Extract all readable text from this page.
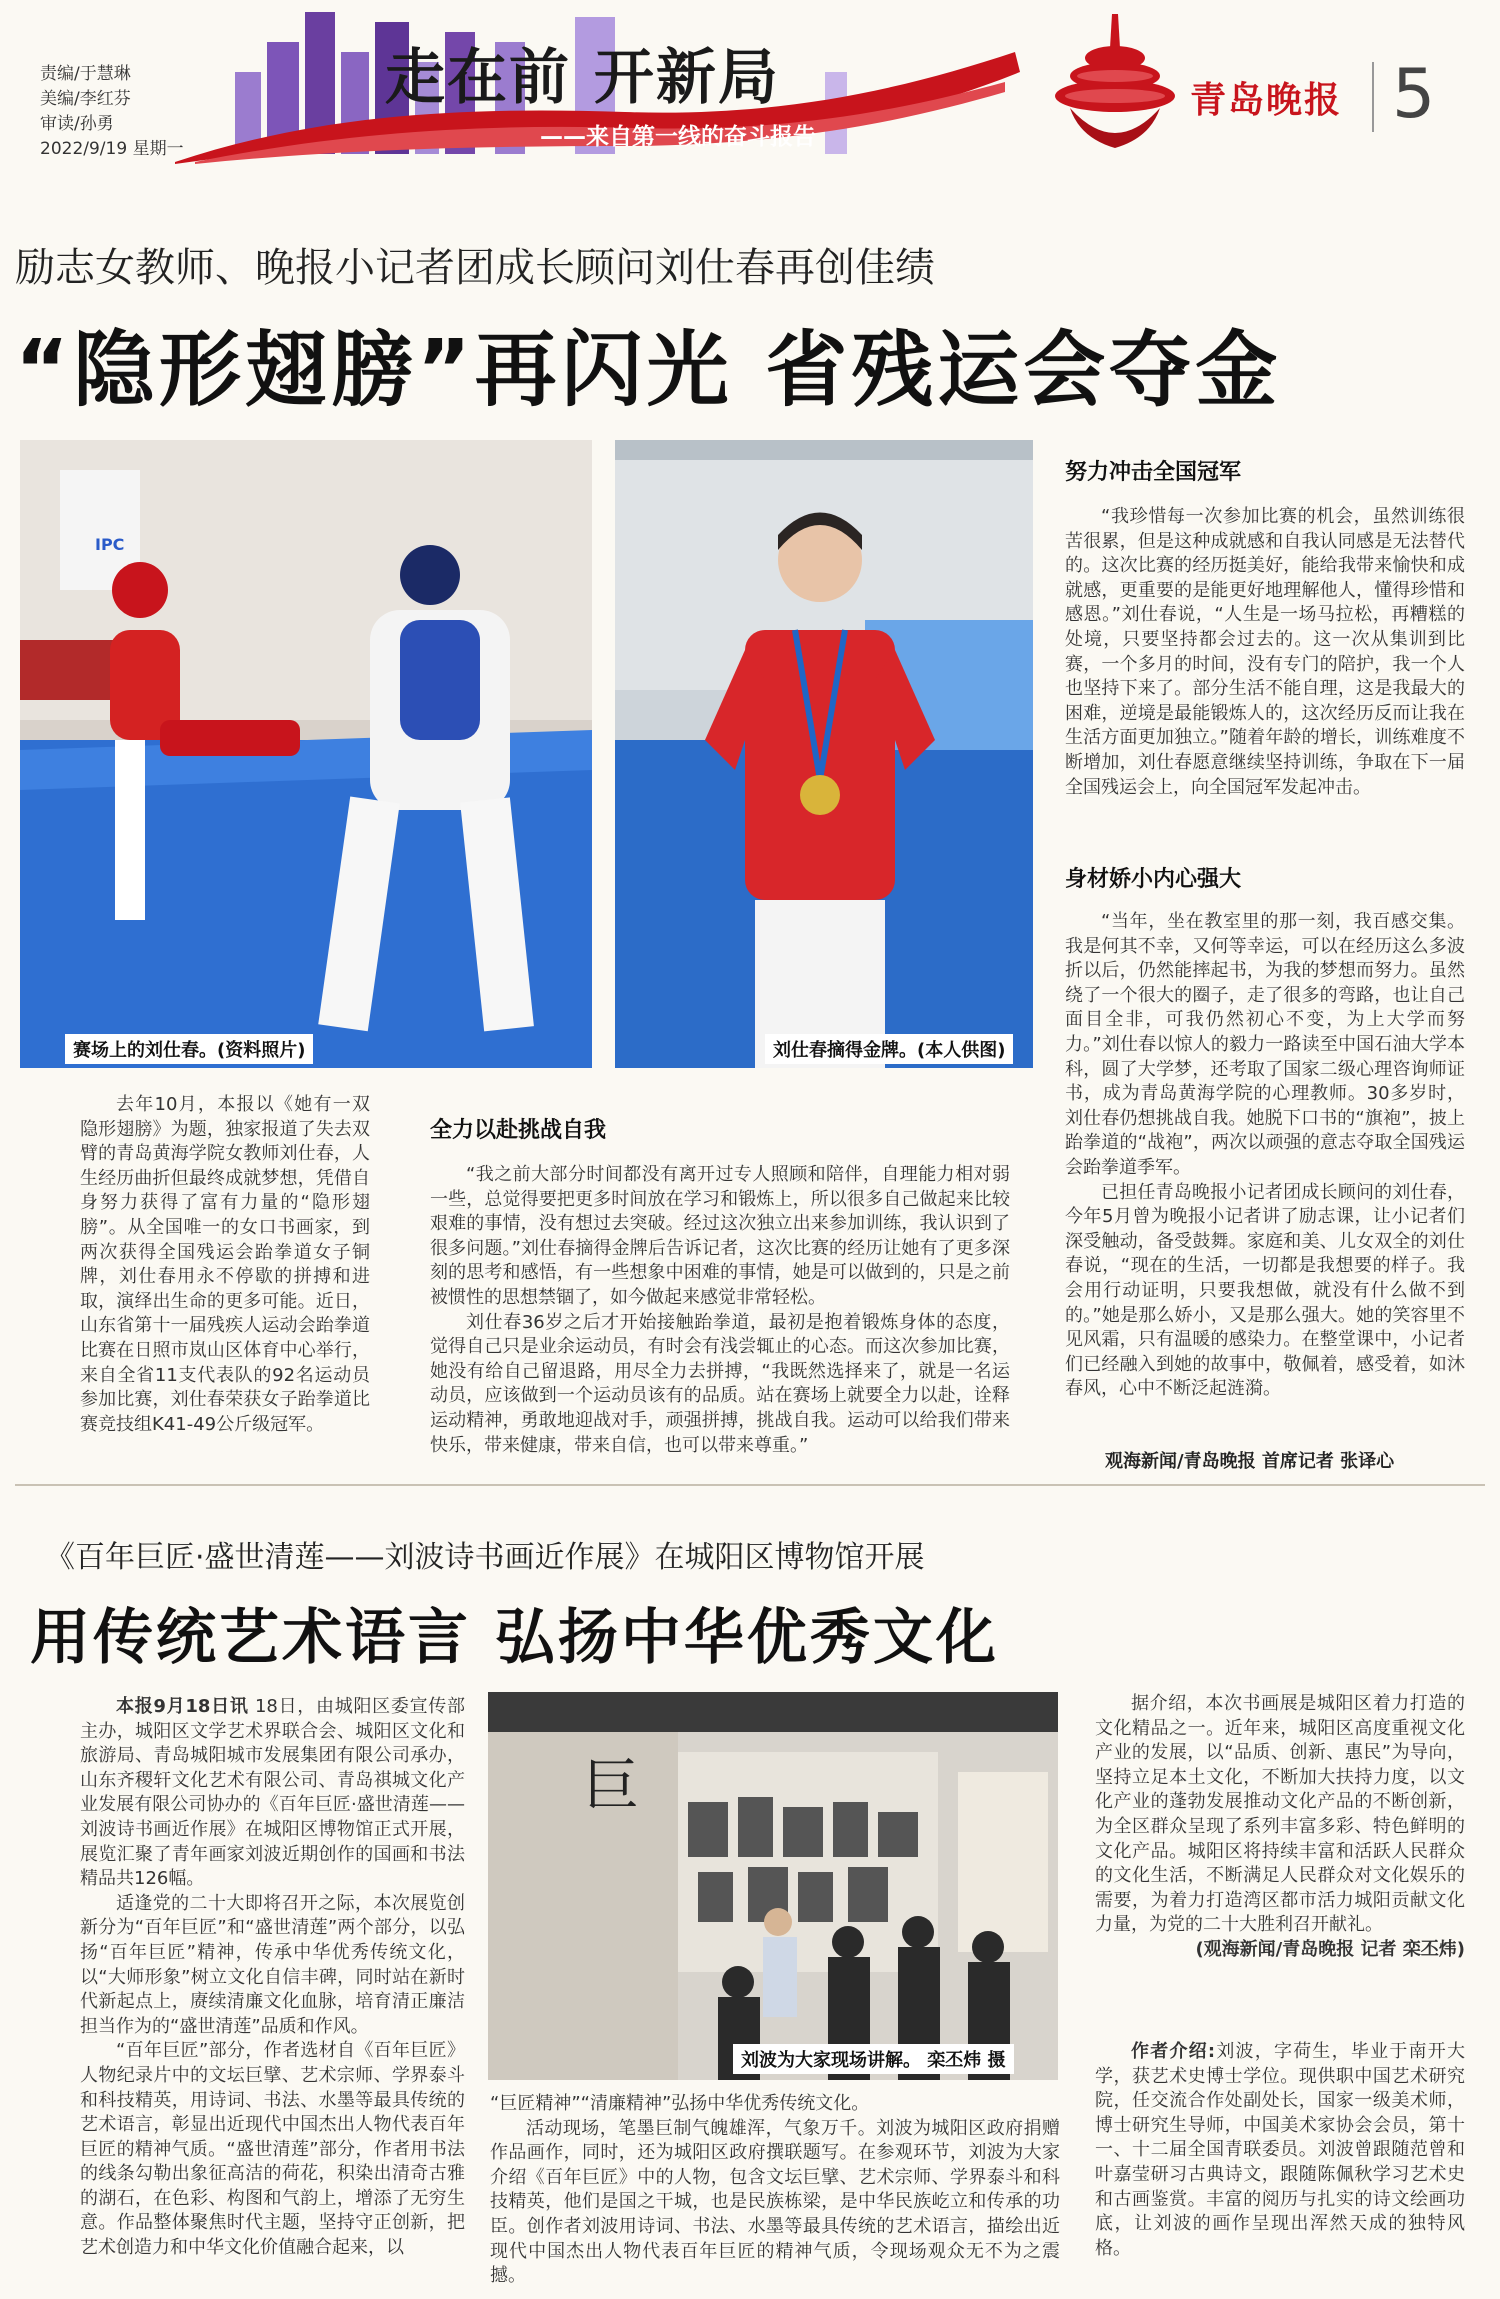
责编/于慧琳
美编/李红芬
审读/孙勇
2022/9/19 星期一
走在前 开新局
——来自第一线的奋斗报告
青岛晚报 5
励志女教师、晚报小记者团成长顾问刘仕春再创佳绩
“隐形翅膀”再闪光 省残运会夺金
IPC
赛场上的刘仕春。(资料照片)	刘仕春摘得金牌。(本人供图)

去年10月，本报以《她有一双隐形翅膀》为题，独家报道了失去双臂的青岛黄海学院女教师刘仕春，人生经历曲折但最终成就梦想，凭借自身努力获得了富有力量的“隐形翅膀”。从全国唯一的女口书画家，到两次获得全国残运会跆拳道女子铜牌，刘仕春用永不停歇的拼搏和进取，演绎出生命的更多可能。近日，山东省第十一届残疾人运动会跆拳道比赛在日照市岚山区体育中心举行，来自全省11支代表队的92名运动员参加比赛，刘仕春荣获女子跆拳道比赛竞技组K41-49公斤级冠军。

全力以赴挑战自我

“我之前大部分时间都没有离开过专人照顾和陪伴，自理能力相对弱一些，总觉得要把更多时间放在学习和锻炼上，所以很多自己做起来比较艰难的事情，没有想过去突破。经过这次独立出来参加训练，我认识到了很多问题。”刘仕春摘得金牌后告诉记者，这次比赛的经历让她有了更多深刻的思考和感悟，有一些想象中困难的事情，她是可以做到的，只是之前被惯性的思想禁锢了，如今做起来感觉非常轻松。

刘仕春36岁之后才开始接触跆拳道，最初是抱着锻炼身体的态度，觉得自己只是业余运动员，有时会有浅尝辄止的心态。而这次参加比赛，她没有给自己留退路，用尽全力去拼搏，“我既然选择来了，就是一名运动员，应该做到一个运动员该有的品质。站在赛场上就要全力以赴，诠释运动精神，勇敢地迎战对手，顽强拼搏，挑战自我。运动可以给我们带来快乐，带来健康，带来自信，也可以带来尊重。”

努力冲击全国冠军

“我珍惜每一次参加比赛的机会，虽然训练很苦很累，但是这种成就感和自我认同感是无法替代的。这次比赛的经历挺美好，能给我带来愉快和成就感，更重要的是能更好地理解他人，懂得珍惜和感恩。”刘仕春说，“人生是一场马拉松，再糟糕的处境，只要坚持都会过去的。这一次从集训到比赛，一个多月的时间，没有专门的陪护，我一个人也坚持下来了。部分生活不能自理，这是我最大的困难，逆境是最能锻炼人的，这次经历反而让我在生活方面更加独立。”随着年龄的增长，训练难度不断增加，刘仕春愿意继续坚持训练，争取在下一届全国残运会上，向全国冠军发起冲击。

身材娇小内心强大

“当年，坐在教室里的那一刻，我百感交集。我是何其不幸，又何等幸运，可以在经历这么多波折以后，仍然能摔起书，为我的梦想而努力。虽然绕了一个很大的圈子，走了很多的弯路，也让自己面目全非，可我仍然初心不变，为上大学而努力。”刘仕春以惊人的毅力一路读至中国石油大学本科，圆了大学梦，还考取了国家二级心理咨询师证书，成为青岛黄海学院的心理教师。30多岁时，刘仕春仍想挑战自我。她脱下口书的“旗袍”，披上跆拳道的“战袍”，两次以顽强的意志夺取全国残运会跆拳道季军。

已担任青岛晚报小记者团成长顾问的刘仕春，今年5月曾为晚报小记者讲了励志课，让小记者们深受触动，备受鼓舞。家庭和美、儿女双全的刘仕春说，“现在的生活，一切都是我想要的样子。我会用行动证明，只要我想做，就没有什么做不到的。”她是那么娇小，又是那么强大。她的笑容里不见风霜，只有温暖的感染力。在整堂课中，小记者们已经融入到她的故事中，敬佩着，感受着，如沐春风，心中不断泛起涟漪。

观海新闻/青岛晚报 首席记者 张译心
《百年巨匠·盛世清莲——刘波诗书画近作展》在城阳区博物馆开展
用传统艺术语言 弘扬中华优秀文化

本报9月18日讯 18日，由城阳区委宣传部主办，城阳区文学艺术界联合会、城阳区文化和旅游局、青岛城阳城市发展集团有限公司承办，山东齐稷轩文化艺术有限公司、青岛祺城文化产业发展有限公司协办的《百年巨匠·盛世清莲——刘波诗书画近作展》在城阳区博物馆正式开展，展览汇聚了青年画家刘波近期创作的国画和书法精品共126幅。

适逢党的二十大即将召开之际，本次展览创新分为“百年巨匠”和“盛世清莲”两个部分，以弘扬“百年巨匠”精神，传承中华优秀传统文化，以“大师形象”树立文化自信丰碑，同时站在新时代新起点上，赓续清廉文化血脉，培育清正廉洁担当作为的“盛世清莲”品质和作风。

“百年巨匠”部分，作者选材自《百年巨匠》人物纪录片中的文坛巨擘、艺术宗师、学界泰斗和科技精英，用诗词、书法、水墨等最具传统的艺术语言，彰显出近现代中国杰出人物代表百年巨匠的精神气质。“盛世清莲”部分，作者用书法的线条勾勒出象征高洁的荷花，积染出清奇古雅的湖石，在色彩、构图和气韵上，增添了无穷生意。作品整体聚焦时代主题，坚持守正创新，把艺术创造力和中华文化价值融合起来，以

巨
刘波为大家现场讲解。 栾丕炜 摄

“巨匠精神”“清廉精神”弘扬中华优秀传统文化。

活动现场，笔墨巨制气魄雄浑，气象万千。刘波为城阳区政府捐赠作品画作，同时，还为城阳区政府撰联题写。在参观环节，刘波为大家介绍《百年巨匠》中的人物，包含文坛巨擘、艺术宗师、学界泰斗和科技精英，他们是国之干城，也是民族栋梁，是中华民族屹立和传承的功臣。创作者刘波用诗词、书法、水墨等最具传统的艺术语言，描绘出近现代中国杰出人物代表百年巨匠的精神气质，令现场观众无不为之震撼。

据介绍，本次书画展是城阳区着力打造的文化精品之一。近年来，城阳区高度重视文化产业的发展，以“品质、创新、惠民”为导向，坚持立足本土文化，不断加大扶持力度，以文化产业的蓬勃发展推动文化产品的不断创新，为全区群众呈现了系列丰富多彩、特色鲜明的文化产品。城阳区将持续丰富和活跃人民群众的文化生活，不断满足人民群众对文化娱乐的需要，为着力打造湾区都市活力城阳贡献文化力量，为党的二十大胜利召开献礼。

(观海新闻/青岛晚报 记者 栾丕炜)

作者介绍:刘波，字荷生，毕业于南开大学，获艺术史博士学位。现供职中国艺术研究院，任交流合作处副处长，国家一级美术师，博士研究生导师，中国美术家协会会员，第十一、十二届全国青联委员。刘波曾跟随范曾和叶嘉莹研习古典诗文，跟随陈佩秋学习艺术史和古画鉴赏。丰富的阅历与扎实的诗文绘画功底，让刘波的画作呈现出浑然天成的独特风格。
